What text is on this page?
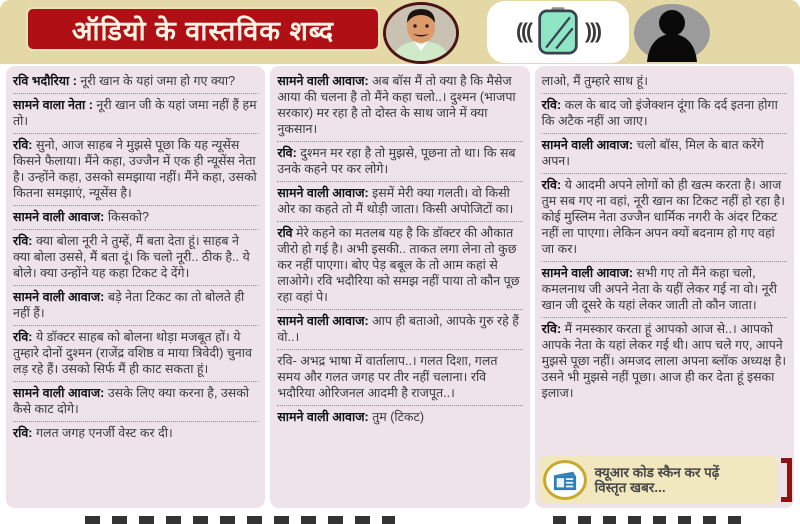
ऑडियो के वास्तविक शब्द	(((	)))
रवि भदौरिया : नूरी खान के यहां जमा हो गए क्या?
सामने वाला नेता : नूरी खान जी के यहां जमा नहीं हैं हम तो।
रवि: सुनो, आज साहब ने मुझसे पूछा कि यह न्यूसेंस किसने फैलाया। मैंने कहा, उज्जैन में एक ही न्यूसेंस नेता है। उन्होंने कहा, उसको समझाया नहीं। मैंने कहा, उसको कितना समझाएं, न्यूसेंस है।
सामने वाली आवाज: किसको?
रवि: क्या बोला नूरी ने तुम्हें, मैं बता देता हूं। साहब ने क्या बोला उससे, मैं बता दूं। कि चलो नूरी.. ठीक है.. ये बोले। क्या उन्होंने यह कहा टिकट दे देंगे।
सामने वाली आवाज: बड़े नेता टिकट का तो बोलते ही नहीं हैं।
रवि: ये डॉक्टर साहब को बोलना थोड़ा मजबूत हों। ये तुम्हारे दोनों दुश्मन (राजेंद्र वशिष्ठ व माया त्रिवेदी) चुनाव लड़ रहे हैं। उसको सिर्फ मैं ही काट सकता हूं।
सामने वाली आवाज: उसके लिए क्या करना है, उसको कैसे काट दोगे।
रवि: गलत जगह एनर्जी वेस्ट कर दी।
सामने वाली आवाज: अब बॉस मैं तो क्या है कि मैसेज आया की चलना है तो मैंने कहा चलो..। दुश्मन (भाजपा सरकार) मर रहा है तो दोस्त के साथ जाने में क्या नुकसान।
रवि: दुश्मन मर रहा है तो मुझसे, पूछना तो था। कि सब उनके कहने पर कर लोगे।
सामने वाली आवाज: इसमें मेरी क्या गलती। वो किसी ओर का कहते तो मैं थोड़ी जाता। किसी अपोजिटों का।
रवि मेरे कहने का मतलब यह है कि डॉक्टर की औकात जीरो हो गई है। अभी इसकी.. ताकत लगा लेना तो कुछ कर नहीं पाएगा। बोए पेड़ बबूल के तो आम कहां से लाओगे। रवि भदौरिया को समझ नहीं पाया तो कौन पूछ रहा वहां पे।
सामने वाली आवाज: आप ही बताओ, आपके गुरु रहे हैं वो..।
रवि- अभद्र भाषा में वार्तालाप..। गलत दिशा, गलत समय और गलत जगह पर तीर नहीं चलाना। रवि भदौरिया ओरिजनल आदमी है राजपूत..।
सामने वाली आवाज: तुम (टिकट)
क्यूआर कोड स्कैन कर पढ़ें विस्तृत खबर...
लाओ, मैं तुम्हारे साथ हूं।
रवि: कल के बाद जो इंजेक्शन दूंगा कि दर्द इतना होगा कि अटैक नहीं आ जाए।
सामने वाली आवाज: चलो बॉस, मिल के बात करेंगे अपन।
रवि: ये आदमी अपने लोगों को ही खत्म करता है। आज तुम सब गए ना वहां, नूरी खान का टिकट नहीं हो रहा है। कोई मुस्लिम नेता उज्जैन धार्मिक नगरी के अंदर टिकट नहीं ला पाएगा। लेकिन अपन क्यों बदनाम हो गए वहां जा कर।
सामने वाली आवाज: सभी गए तो मैंने कहा चलो, कमलनाथ जी अपने नेता के यहीं लेकर गई ना वो। नूरी खान जी दूसरे के यहां लेकर जाती तो कौन जाता।
रवि: मैं नमस्कार करता हूं आपको आज से..। आपको आपके नेता के यहां लेकर गई थी। आप चले गए, आपने मुझसे पूछा नहीं। अमजद लाला अपना ब्लॉक अध्यक्ष है। उसने भी मुझसे नहीं पूछा। आज ही कर देता हूं इसका इलाज।
